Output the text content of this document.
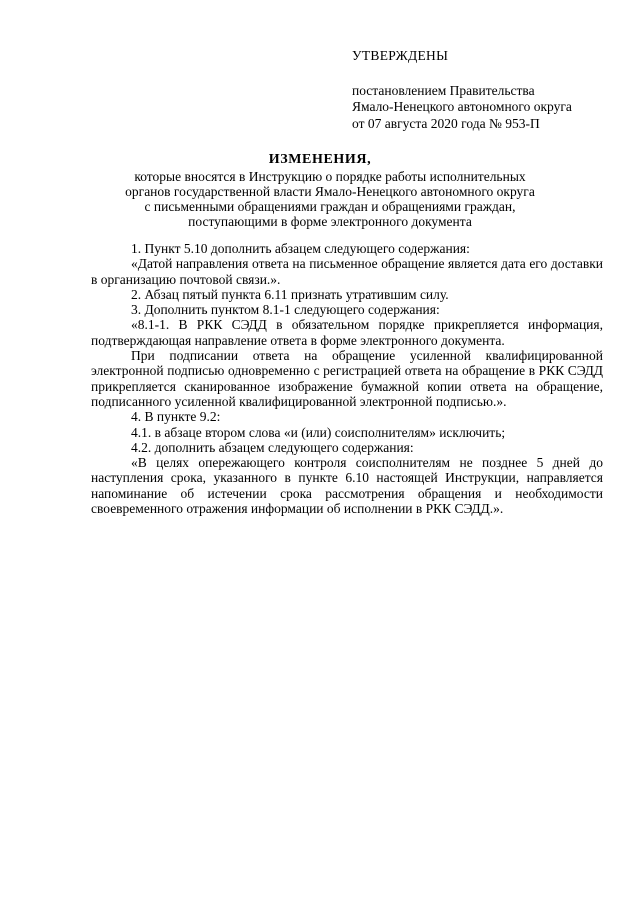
УТВЕРЖДЕНЫ
постановлением Правительства
Ямало-Ненецкого автономного округа
от 07 августа 2020 года № 953-П
ИЗМЕНЕНИЯ,
которые вносятся в Инструкцию о порядке работы исполнительных
органов государственной власти Ямало-Ненецкого автономного округа
с письменными обращениями граждан и обращениями граждан,
поступающими в форме электронного документа

1. Пункт 5.10 дополнить абзацем следующего содержания:

«Датой направления ответа на письменное обращение является дата его доставки в организацию почтовой связи.».

2. Абзац пятый пункта 6.11 признать утратившим силу.

3. Дополнить пунктом 8.1-1 следующего содержания:

«8.1-1. В РКК СЭДД в обязательном порядке прикрепляется информация, подтверждающая направление ответа в форме электронного документа.

При подписании ответа на обращение усиленной квалифицированной электронной подписью одновременно с регистрацией ответа на обращение в РКК СЭДД прикрепляется сканированное изображение бумажной копии ответа на обращение, подписанного усиленной квалифицированной электронной подписью.».

4. В пункте 9.2:

4.1. в абзаце втором слова «и (или) соисполнителям» исключить;

4.2. дополнить абзацем следующего содержания:

«В целях опережающего контроля соисполнителям не позднее 5 дней до наступления срока, указанного в пункте 6.10 настоящей Инструкции, направляется напоминание об истечении срока рассмотрения обращения и необходимости своевременного отражения информации об исполнении в РКК СЭДД.».
